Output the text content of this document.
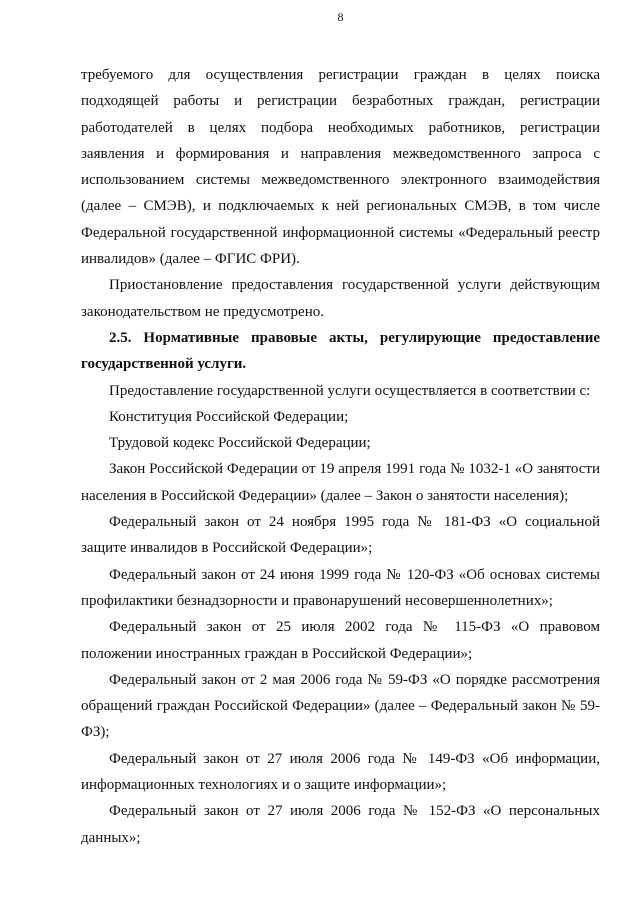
8

требуемого для осуществления регистрации граждан в целях поиска подходящей работы и регистрации безработных граждан, регистрации работодателей в целях подбора необходимых работников, регистрации заявления и формирования и направления межведомственного запроса с использованием системы межведомственного электронного взаимодействия (далее – СМЭВ), и подключаемых к ней региональных СМЭВ, в том числе Федеральной государственной информационной системы «Федеральный реестр инвалидов» (далее – ФГИС ФРИ).

Приостановление предоставления государственной услуги действующим законодательством не предусмотрено.

2.5. Нормативные правовые акты, регулирующие предоставление государственной услуги.

Предоставление государственной услуги осуществляется в соответствии с:

Конституция Российской Федерации;

Трудовой кодекс Российской Федерации;

Закон Российской Федерации от 19 апреля 1991 года № 1032-1 «О занятости населения в Российской Федерации» (далее – Закон о занятости населения);

Федеральный закон от 24 ноября 1995 года № 181-ФЗ «О социальной защите инвалидов в Российской Федерации»;

Федеральный закон от 24 июня 1999 года № 120-ФЗ «Об основах системы профилактики безнадзорности и правонарушений несовершеннолетних»;

Федеральный закон от 25 июля 2002 года № 115-ФЗ «О правовом положении иностранных граждан в Российской Федерации»;

Федеральный закон от 2 мая 2006 года № 59-ФЗ «О порядке рассмотрения обращений граждан Российской Федерации» (далее – Федеральный закон № 59-ФЗ);

Федеральный закон от 27 июля 2006 года № 149-ФЗ «Об информации, информационных технологиях и о защите информации»;

Федеральный закон от 27 июля 2006 года № 152-ФЗ «О персональных данных»;
